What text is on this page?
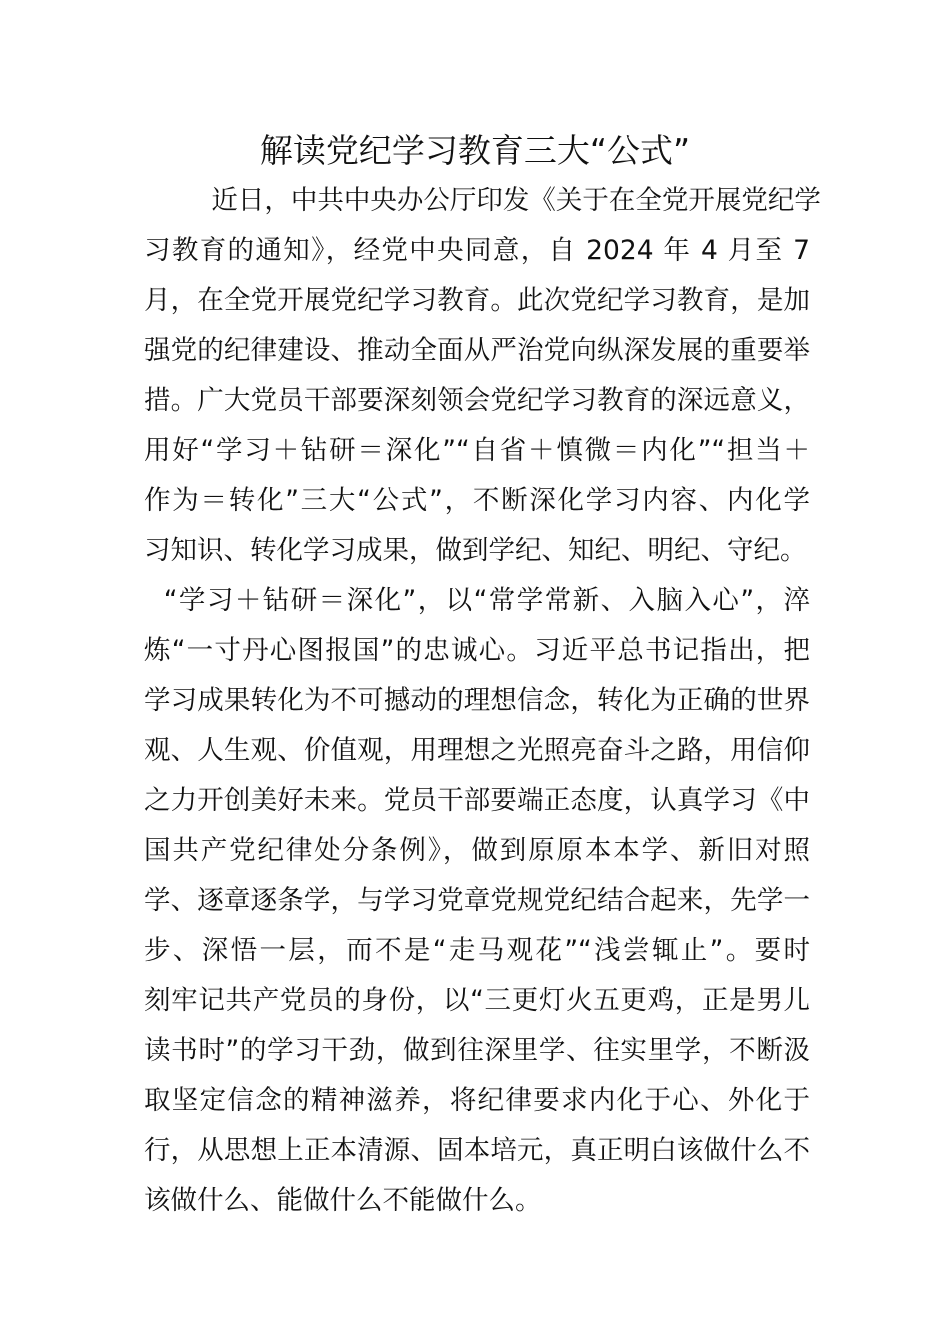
解读党纪学习教育三大“公式”
近日，中共中央办公厅印发《关于在全党开展党纪学
习教育的通知》，经党中央同意，自 2024 年 4 月至 7
月，在全党开展党纪学习教育。此次党纪学习教育，是加
强党的纪律建设、推动全面从严治党向纵深发展的重要举
措。广大党员干部要深刻领会党纪学习教育的深远意义，
用好“学习＋钻研＝深化”“自省＋慎微＝内化”“担当＋
作为＝转化”三大“公式”，不断深化学习内容、内化学
习知识、转化学习成果，做到学纪、知纪、明纪、守纪。
“学习＋钻研＝深化”，以“常学常新、入脑入心”，淬
炼“一寸丹心图报国”的忠诚心。习近平总书记指出，把
学习成果转化为不可撼动的理想信念，转化为正确的世界
观、人生观、价值观，用理想之光照亮奋斗之路，用信仰
之力开创美好未来。党员干部要端正态度，认真学习《中
国共产党纪律处分条例》，做到原原本本学、新旧对照
学、逐章逐条学，与学习党章党规党纪结合起来，先学一
步、深悟一层，而不是“走马观花”“浅尝辄止”。要时
刻牢记共产党员的身份，以“三更灯火五更鸡，正是男儿
读书时”的学习干劲，做到往深里学、往实里学，不断汲
取坚定信念的精神滋养，将纪律要求内化于心、外化于
行，从思想上正本清源、固本培元，真正明白该做什么不
该做什么、能做什么不能做什么。
